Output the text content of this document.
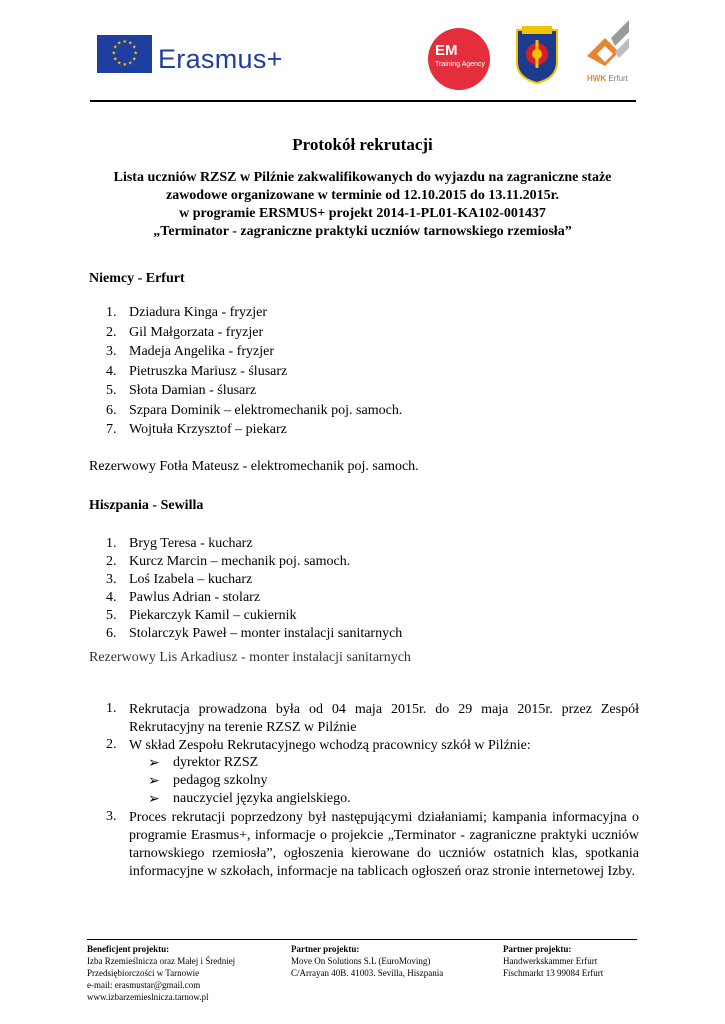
★ ★
★
★
★
★
★
★
★
★
★
★
Erasmus+	EM
Training Agency
HWK Erfurt
Protokół rekrutacji
Lista uczniów RZSZ w Pilźnie zakwalifikowanych do wyjazdu na zagraniczne staże
zawodowe organizowane w terminie od 12.10.2015 do 13.11.2015r.
w programie ERSMUS+ projekt 2014-1-PL01-KA102-001437
„Terminator - zagraniczne praktyki uczniów tarnowskiego rzemiosła”
Niemcy - Erfurt
1. Dziadura Kinga - fryzjer
2. Gil Małgorzata - fryzjer
3. Madeja Angelika - fryzjer
4. Pietruszka Mariusz - ślusarz
5. Słota Damian - ślusarz
6. Szpara Dominik – elektromechanik poj. samoch.
7. Wojtuła Krzysztof – piekarz
Rezerwowy Fotła Mateusz - elektromechanik poj. samoch.
Hiszpania - Sewilla
1. Bryg Teresa - kucharz
2. Kurcz Marcin – mechanik poj. samoch.
3. Loś Izabela – kucharz
4. Pawlus Adrian - stolarz
5. Piekarczyk Kamil – cukiernik
6. Stolarczyk Paweł – monter instalacji sanitarnych
Rezerwowy Lis Arkadiusz - monter instalacji sanitarnych
1. Rekrutacja prowadzona była od 04 maja 2015r. do 29 maja 2015r. przez Zespół Rekrutacyjny na terenie RZSZ w Pilźnie
2. W skład Zespołu Rekrutacyjnego wchodzą pracownicy szkół w Pilźnie:
➢ dyrektor RZSZ
➢ pedagog szkolny
➢ nauczyciel języka angielskiego.
3. Proces rekrutacji poprzedzony był następującymi działaniami; kampania informacyjna o programie Erasmus+, informacje o projekcie „Terminator - zagraniczne praktyki uczniów tarnowskiego rzemiosła”, ogłoszenia kierowane do uczniów ostatnich klas, spotkania informacyjne w szkołach, informacje na tablicach ogłoszeń oraz stronie internetowej Izby.
Beneficjent projektu:
Izba Rzemieślnicza oraz Małej i Średniej
Przedsiębiorczości w Tarnowie
e-mail: erasmustar@gmail.com
www.izbarzemieslnicza.tarnow.pl
Partner projektu:
Move On Solutions S.L (EuroMoving)
C/Arrayan 40B. 41003. Sevilla, Hiszpania
Partner projektu:
Handwerkskammer Erfurt
Fischmarkt 13 99084 Erfurt
